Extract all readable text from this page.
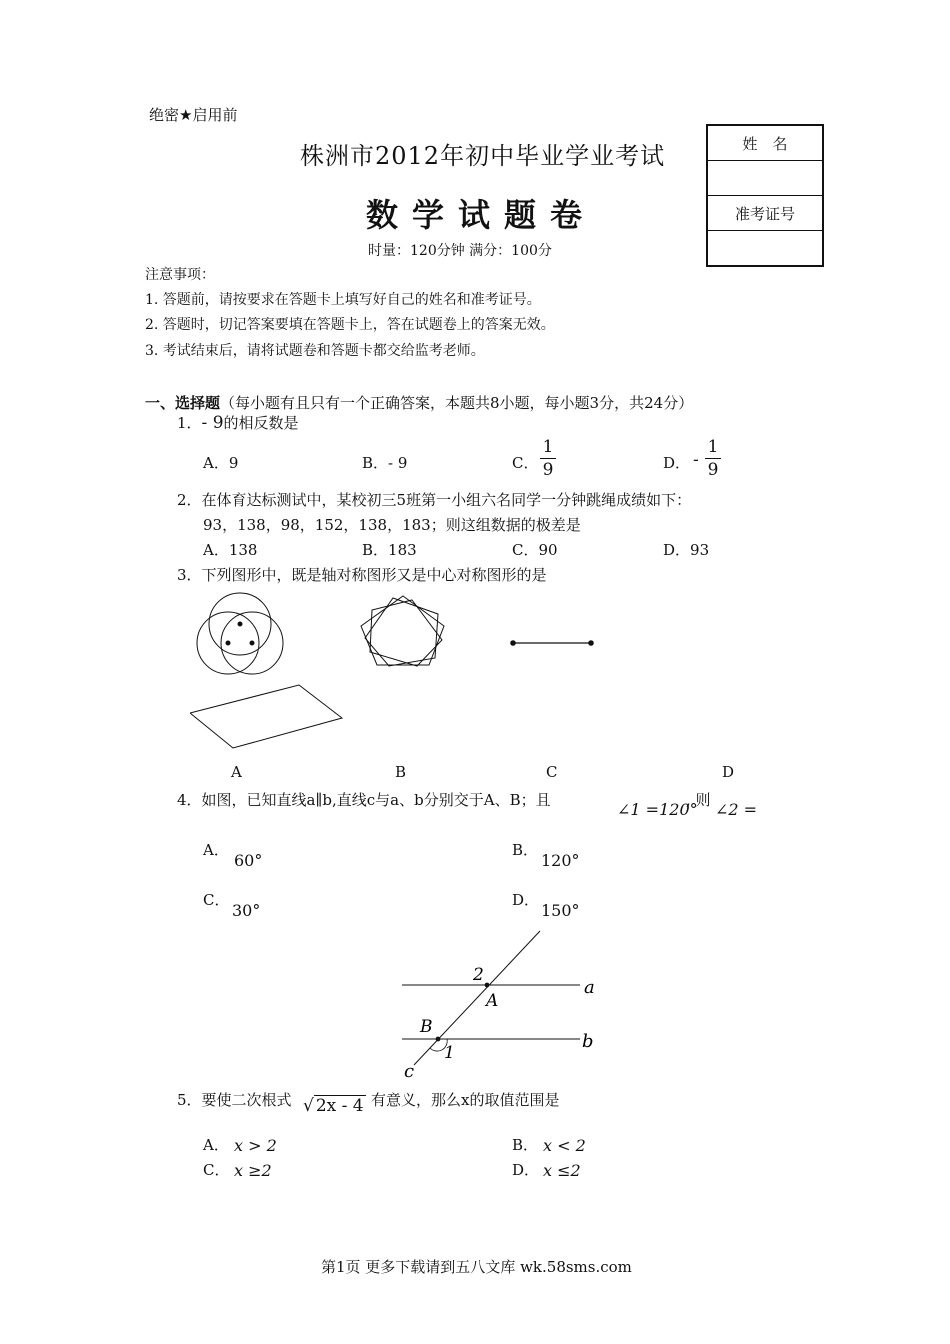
绝密★启用前
株洲市2012年初中毕业学业考试
数学试题卷
时量：120分钟 满分：100分
姓　名

准考证号

注意事项：
1. 答题前，请按要求在答题卡上填写好自己的姓名和准考证号。
2. 答题时，切记答案要填在答题卡上，答在试题卷上的答案无效。
3. 考试结束后，请将试题卷和答题卡都交给监考老师。
一、选择题（每小题有且只有一个正确答案，本题共8小题，每小题3分，共24分）
1．- 9的相反数是
A．9	B．- 9	C．
1
9	D． -
1
9
2．在体育达标测试中，某校初三5班第一小组六名同学一分钟跳绳成绩如下：
93，138，98，152，138，183；则这组数据的极差是
A．138	B．183	C．90	D．93
3．下列图形中，既是轴对称图形又是中心对称图形的是
A	B	C	D
4．如图，已知直线a∥b,直线c与a、b分别交于A、B；且	∠1 =120°
, 则 ∠2 =
A．
60°
B．
120°
C．
30°
D．
150°
a
b
c
A
B
1
2
5．要使二次根式 √ 2x - 4 有意义，那么x的取值范围是
A． x > 2	B． x < 2
C． x ≥2	D． x ≤2
第1页 更多下载请到五八文库 wk.58sms.com
